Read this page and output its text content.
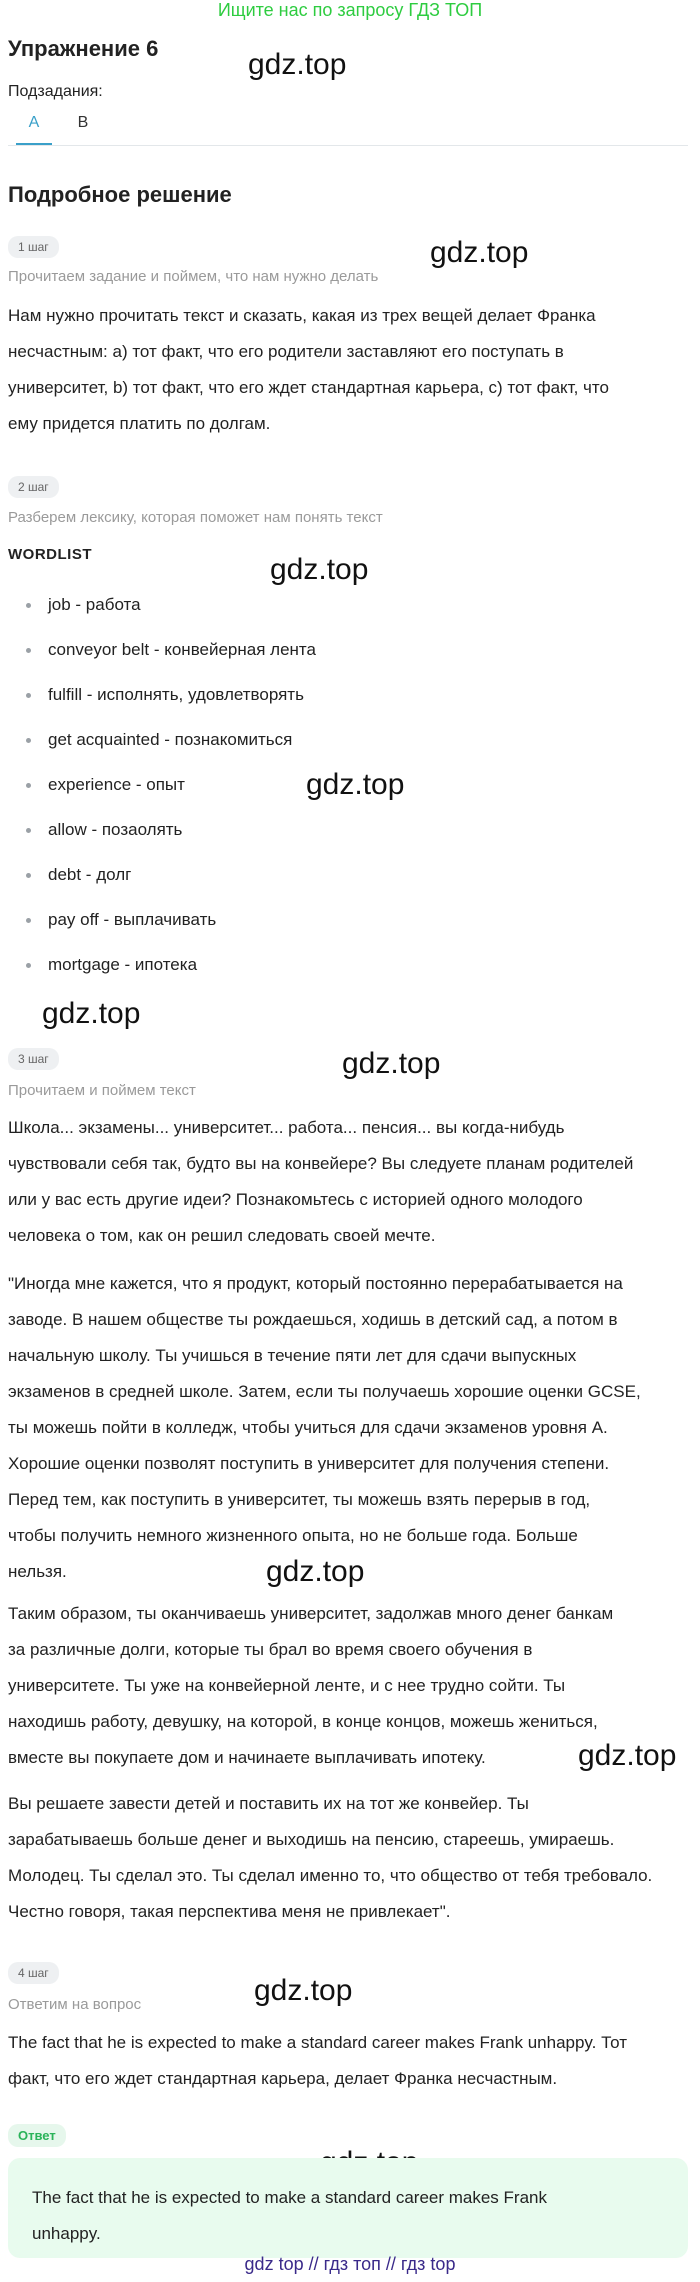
Ищите нас по запросу ГДЗ ТОП
Упражнение 6
Подзадания:
A	B
Подробное решение
gdz.top
gdz.top
gdz.top
gdz.top
gdz.top
gdz.top
gdz.top
gdz.top
gdz.top
1 шаг
Прочитаем задание и поймем, что нам нужно делать
Нам нужно прочитать текст и сказать, какая из трех вещей делает Франка
несчастным: a) тот факт, что его родители заставляют его поступать в
университет, b) тот факт, что его ждет стандартная карьера, c) тот факт, что
ему придется платить по долгам.
2 шаг
Разберем лексику, которая поможет нам понять текст
WORDLIST
job - работа
conveyor belt - конвейерная лента
fulfill - исполнять, удовлетворять
get acquainted - познакомиться
experience - опыт
allow - позаолять
debt - долг
pay off - выплачивать
mortgage - ипотека
3 шаг
Прочитаем и поймем текст
Школа... экзамены... университет... работа... пенсия... вы когда-нибудь
чувствовали себя так, будто вы на конвейере? Вы следуете планам родителей
или у вас есть другие идеи? Познакомьтесь с историей одного молодого
человека о том, как он решил следовать своей мечте.
"Иногда мне кажется, что я продукт, который постоянно перерабатывается на
заводе. В нашем обществе ты рождаешься, ходишь в детский сад, а потом в
начальную школу. Ты учишься в течение пяти лет для сдачи выпускных
экзаменов в средней школе. Затем, если ты получаешь хорошие оценки GCSE,
ты можешь пойти в колледж, чтобы учиться для сдачи экзаменов уровня А.
Хорошие оценки позволят поступить в университет для получения степени.
Перед тем, как поступить в университет, ты можешь взять перерыв в год,
чтобы получить немного жизненного опыта, но не больше года. Больше
нельзя.
Таким образом, ты оканчиваешь университет, задолжав много денег банкам
за различные долги, которые ты брал во время своего обучения в
университете. Ты уже на конвейерной ленте, и с нее трудно сойти. Ты
находишь работу, девушку, на которой, в конце концов, можешь жениться,
вместе вы покупаете дом и начинаете выплачивать ипотеку.
Вы решаете завести детей и поставить их на тот же конвейер. Ты
зарабатываешь больше денег и выходишь на пенсию, стареешь, умираешь.
Молодец. Ты сделал это. Ты сделал именно то, что общество от тебя требовало.
Честно говоря, такая перспектива меня не привлекает".
4 шаг
Ответим на вопрос
The fact that he is expected to make a standard career makes Frank unhappy. Тот
факт, что его ждет стандартная карьера, делает Франка несчастным.
Ответ
The fact that he is expected to make a standard career makes Frank
unhappy.
gdz top // гдз топ // гдз top
